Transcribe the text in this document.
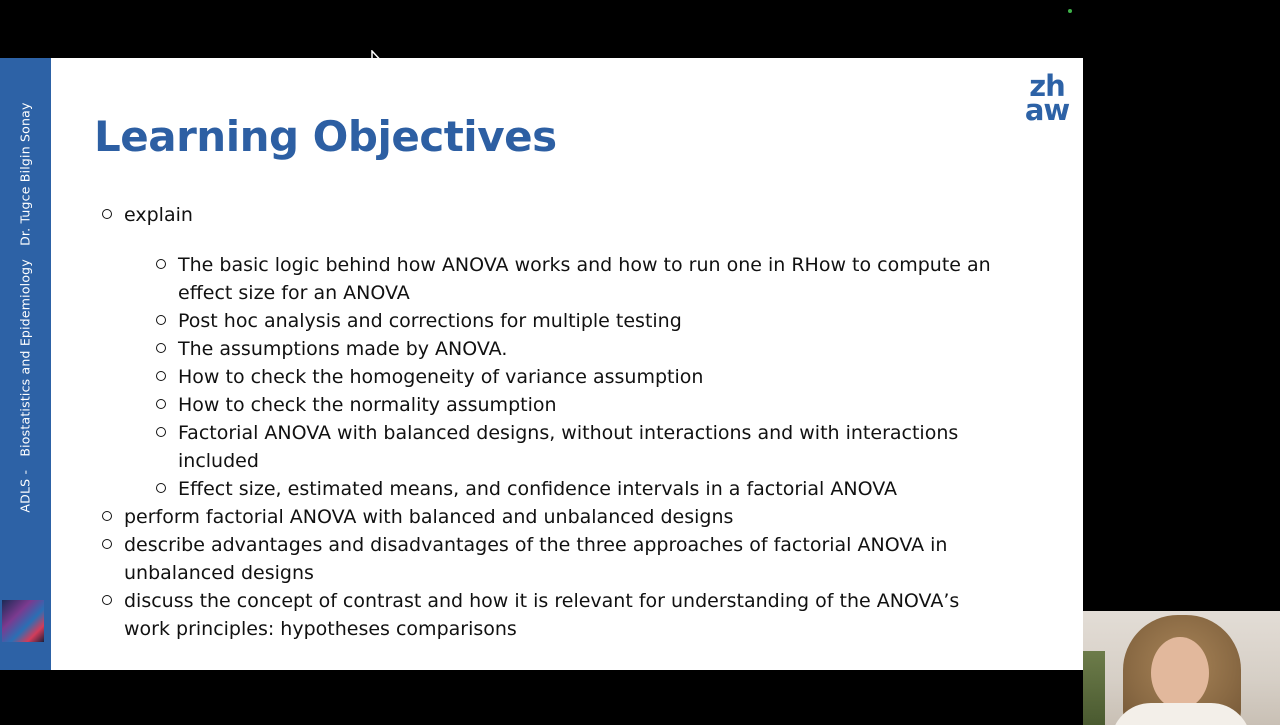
ADLS - Biostatistics and Epidemiology Dr. Tugce Bilgin Sonay
zh
aw
Learning Objectives
explain
The basic logic behind how ANOVA works and how to run one in RHow to compute an effect size for an ANOVA
Post hoc analysis and corrections for multiple testing
The assumptions made by ANOVA.
How to check the homogeneity of variance assumption
How to check the normality assumption
Factorial ANOVA with balanced designs, without interactions and with interactions included
Effect size, estimated means, and confidence intervals in a factorial ANOVA
perform factorial ANOVA with balanced and unbalanced designs
describe advantages and disadvantages of the three approaches of factorial ANOVA in unbalanced designs
discuss the concept of contrast and how it is relevant for understanding of the ANOVA’s work principles: hypotheses comparisons
